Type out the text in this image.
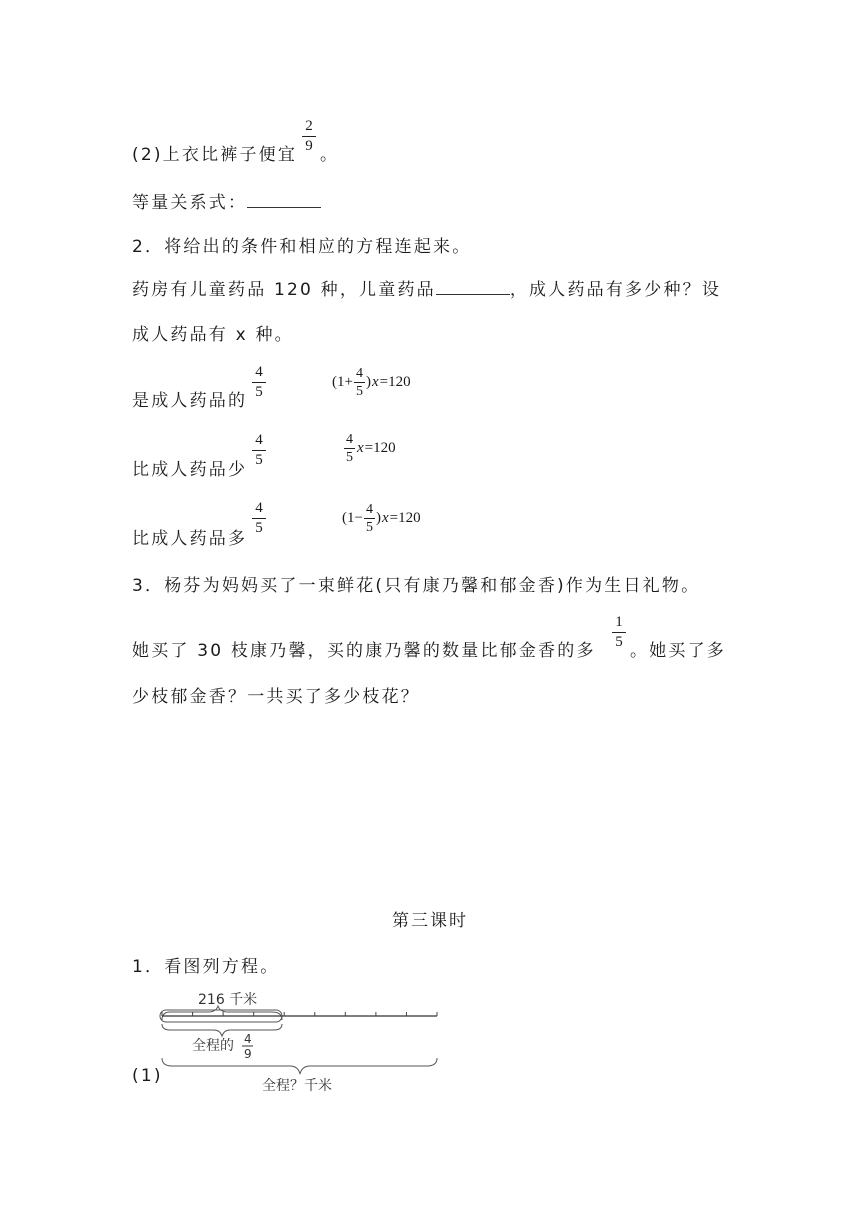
(2)上衣比裤子便宜
2
9 。
等量关系式：
2．将给出的条件和相应的方程连起来。
药房有儿童药品 120 种，儿童药品	，成人药品有多少种？设
成人药品有 x 种。
是成人药品的
4
5
比成人药品少
4
5
比成人药品多
4
5
(1+
4
5
) x =120
4
5
x =120
(1−
4
5
) x =120
3．杨芬为妈妈买了一束鲜花(只有康乃馨和郁金香)作为生日礼物。
她买了 30 枝康乃馨，买的康乃馨的数量比郁金香的多
1
5 。她买了多
少枝郁金香？一共买了多少枝花？
第三课时
1．看图列方程。
(1)
216 千米
全程的 4
9
全程？千米
